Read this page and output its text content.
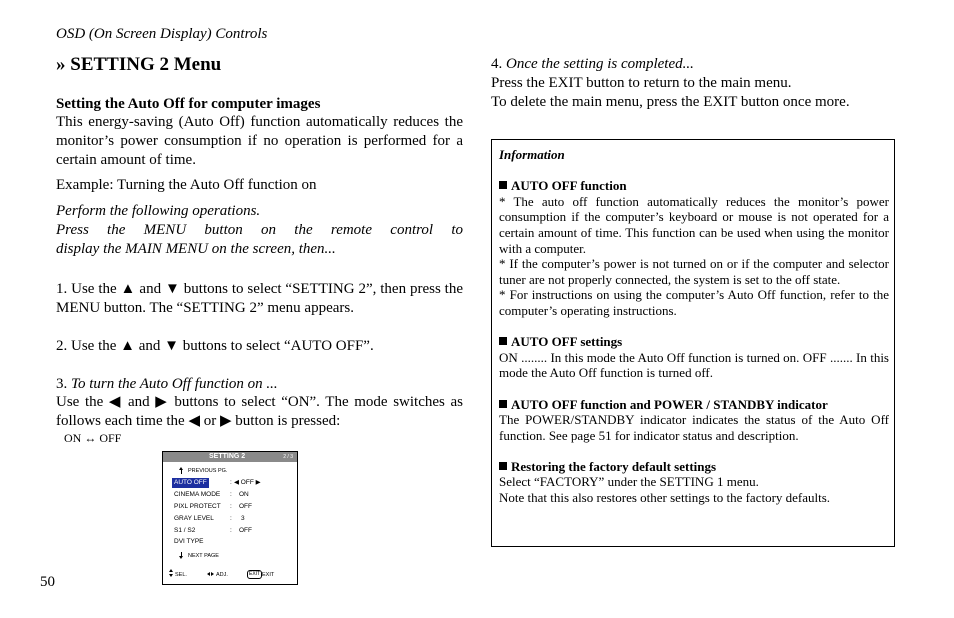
OSD (On Screen Display) Controls
» SETTING 2 Menu
Setting the Auto Off for computer images
This energy-saving (Auto Off) function automatically reduces the
monitor’s power consumption if no operation is performed for a
certain amount of time.
Example: Turning the Auto Off function on
Perform the following operations.
Press the MENU button on the remote control to
display the MAIN MENU on the screen, then...
1. Use the ▲ and ▼ buttons to select “SETTING 2”, then press the
MENU button. The “SETTING 2” menu appears.
2. Use the ▲ and ▼ buttons to select “AUTO OFF”.
3. To turn the Auto Off function on ...
Use the ◀ and ▶ buttons to select “ON”. The mode switches as
follows each time the ◀ or ▶ button is pressed:
ON ↔ OFF
SETTING 2	2 / 3
PREVIOUS PG.
AUTO OFF	: ◀ OFF ▶
CINEMA MODE : ON
PIXL PROTECT : OFF
GRAY LEVEL : 3
S1 / S2	: OFF
DVI TYPE
NEXT PAGE
SEL.	ADJ.	EXIT EXIT
50
4. Once the setting is completed...
Press the EXIT button to return to the main menu.
To delete the main menu, press the EXIT button once more.
Information
AUTO OFF function
* The auto off function automatically reduces the monitor’s power consumption if the computer’s keyboard or mouse is not operated for a certain amount of time. This function can be used when using the monitor with a computer.
* If the computer’s power is not turned on or if the computer and selector tuner are not properly connected, the system is set to the off state.
* For instructions on using the computer’s Auto Off function, refer to the computer’s operating instructions.
AUTO OFF settings
ON ........ In this mode the Auto Off function is turned on. OFF ....... In this mode the Auto Off function is turned off.
AUTO OFF function and POWER / STANDBY indicator
The POWER/STANDBY indicator indicates the status of the Auto Off function. See page 51 for indicator status and description.
Restoring the factory default settings
Select “FACTORY” under the SETTING 1 menu.
Note that this also restores other settings to the factory defaults.
